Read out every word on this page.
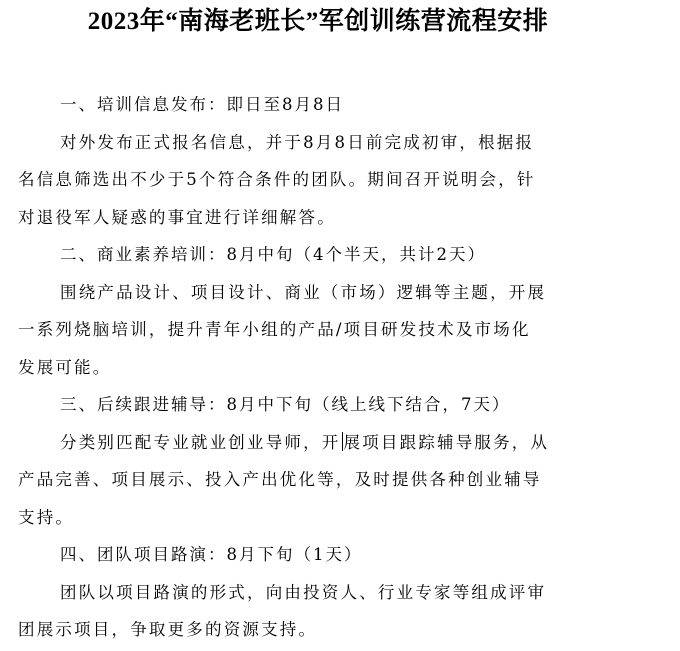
2023年“南海老班长”军创训练营流程安排
一、培训信息发布：即日至8月8日
对外发布正式报名信息，并于8月8日前完成初审，根据报
名信息筛选出不少于5个符合条件的团队。期间召开说明会，针
对退役军人疑惑的事宜进行详细解答。
二、商业素养培训：8月中旬（4个半天，共计2天）
围绕产品设计、项目设计、商业（市场）逻辑等主题，开展
一系列烧脑培训，提升青年小组的产品/项目研发技术及市场化
发展可能。
三、后续跟进辅导：8月中下旬（线上线下结合，7天）
分类别匹配专业就业创业导师，开 展项目跟踪辅导服务，从
产品完善、项目展示、投入产出优化等，及时提供各种创业辅导
支持。
四、团队项目路演：8月下旬（1天）
团队以项目路演的形式，向由投资人、行业专家等组成评审
团展示项目，争取更多的资源支持。
